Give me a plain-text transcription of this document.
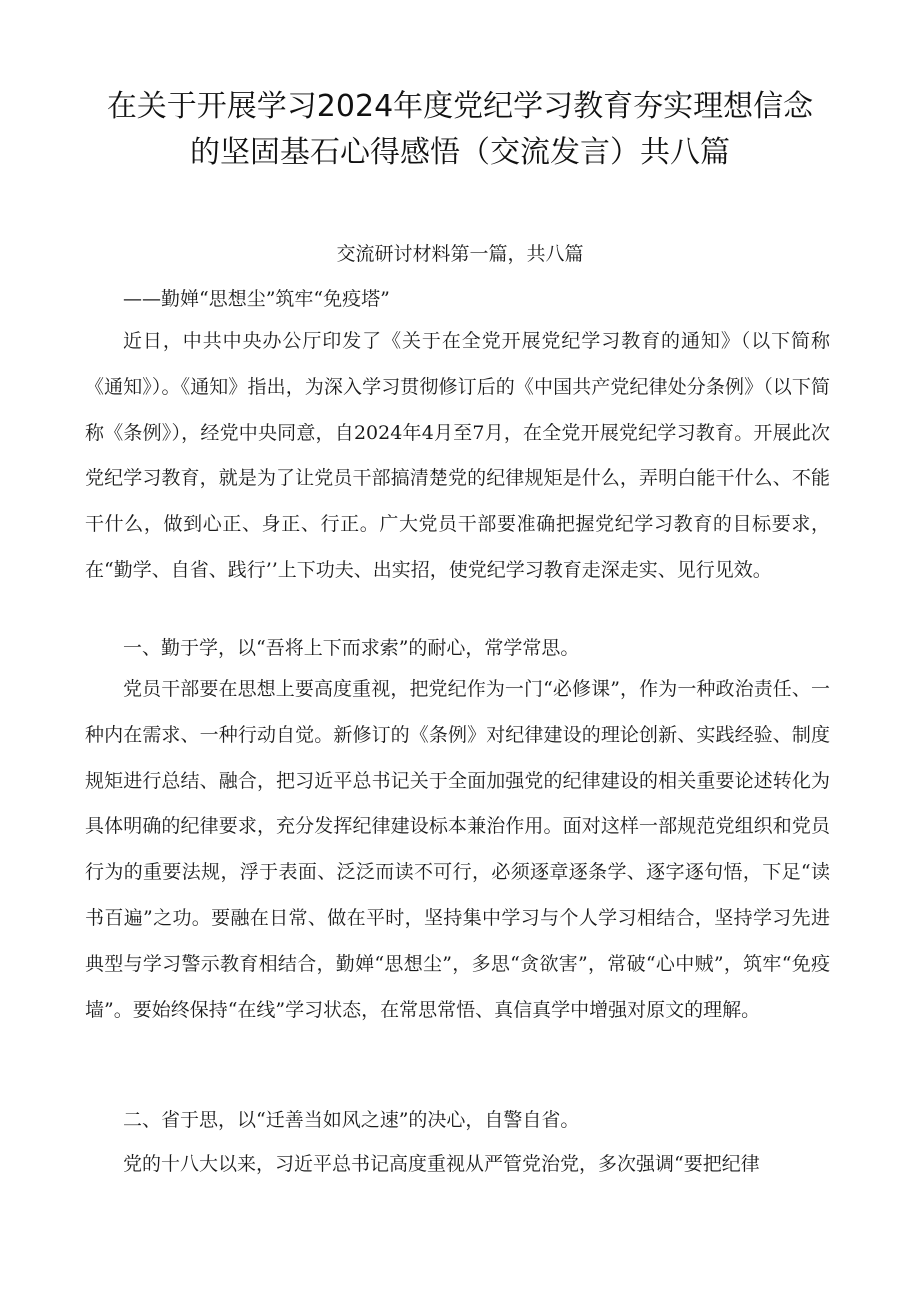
在关于开展学习2024年度党纪学习教育夯实理想信念
的坚固基石心得感悟（交流发言）共八篇
交流研讨材料第一篇，共八篇
——勤婵“思想尘”筑牢“免疫塔”
近日，中共中央办公厅印发了《关于在全党开展党纪学习教育的通知》（以下简称《通知》）。《通知》指出，为深入学习贯彻修订后的《中国共产党纪律处分条例》（以下简称《条例》），经党中央同意，自2024年4月至7月，在全党开展党纪学习教育。开展此次党纪学习教育，就是为了让党员干部搞清楚党的纪律规矩是什么，弄明白能干什么、不能干什么，做到心正、身正、行正。广大党员干部要准确把握党纪学习教育的目标要求，在“勤学、自省、践行’’上下功夫、出实招，使党纪学习教育走深走实、见行见效。
一、勤于学，以“吾将上下而求索”的耐心，常学常思。
党员干部要在思想上要高度重视，把党纪作为一门“必修课”，作为一种政治责任、一种内在需求、一种行动自觉。新修订的《条例》对纪律建设的理论创新、实践经验、制度规矩进行总结、融合，把习近平总书记关于全面加强党的纪律建设的相关重要论述转化为具体明确的纪律要求，充分发挥纪律建设标本兼治作用。面对这样一部规范党组织和党员行为的重要法规，浮于表面、泛泛而读不可行，必须逐章逐条学、逐字逐句悟，下足“读书百遍”之功。要融在日常、做在平时，坚持集中学习与个人学习相结合，坚持学习先进典型与学习警示教育相结合，勤婵“思想尘”，多思“贪欲害”，常破“心中贼”，筑牢“免疫墙”。要始终保持“在线”学习状态，在常思常悟、真信真学中增强对原文的理解。
二、省于思，以“迁善当如风之速”的决心，自警自省。
党的十八大以来，习近平总书记高度重视从严管党治党，多次强调“要把纪律
